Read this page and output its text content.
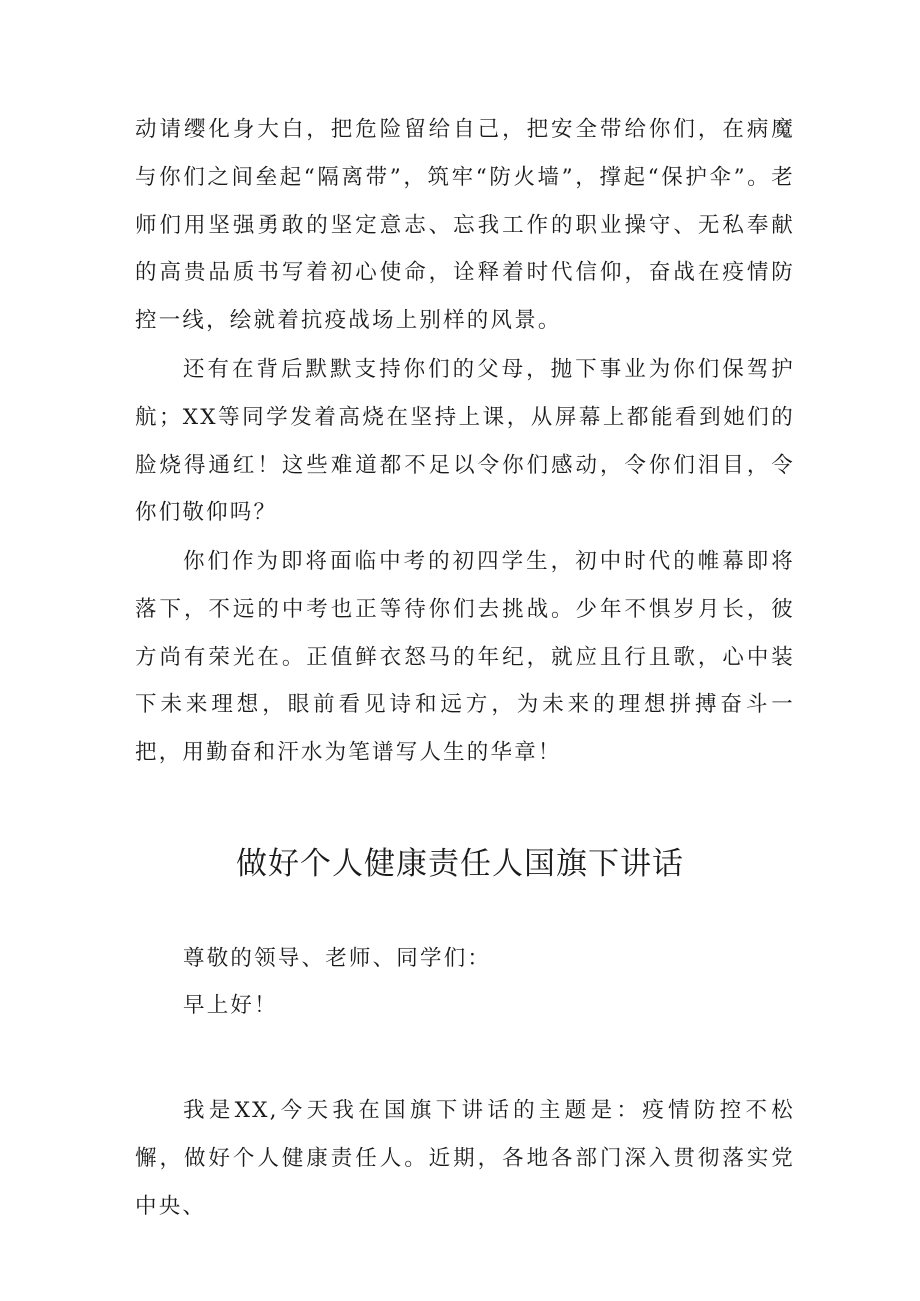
动请缨化身大白，把危险留给自己，把安全带给你们，在病魔与你们之间垒起“隔离带”，筑牢“防火墙”，撑起“保护伞”。老师们用坚强勇敢的坚定意志、忘我工作的职业操守、无私奉献的高贵品质书写着初心使命，诠释着时代信仰，奋战在疫情防控一线，绘就着抗疫战场上别样的风景。

还有在背后默默支持你们的父母，抛下事业为你们保驾护航；XX等同学发着高烧在坚持上课，从屏幕上都能看到她们的脸烧得通红！这些难道都不足以令你们感动，令你们泪目，令你们敬仰吗？

你们作为即将面临中考的初四学生，初中时代的帷幕即将落下，不远的中考也正等待你们去挑战。少年不惧岁月长，彼方尚有荣光在。正值鲜衣怒马的年纪，就应且行且歌，心中装下未来理想，眼前看见诗和远方，为未来的理想拼搏奋斗一把，用勤奋和汗水为笔谱写人生的华章！

做好个人健康责任人国旗下讲话

尊敬的领导、老师、同学们：

早上好！

我是XX,今天我在国旗下讲话的主题是：疫情防控不松懈，做好个人健康责任人。近期，各地各部门深入贯彻落实党中央、
